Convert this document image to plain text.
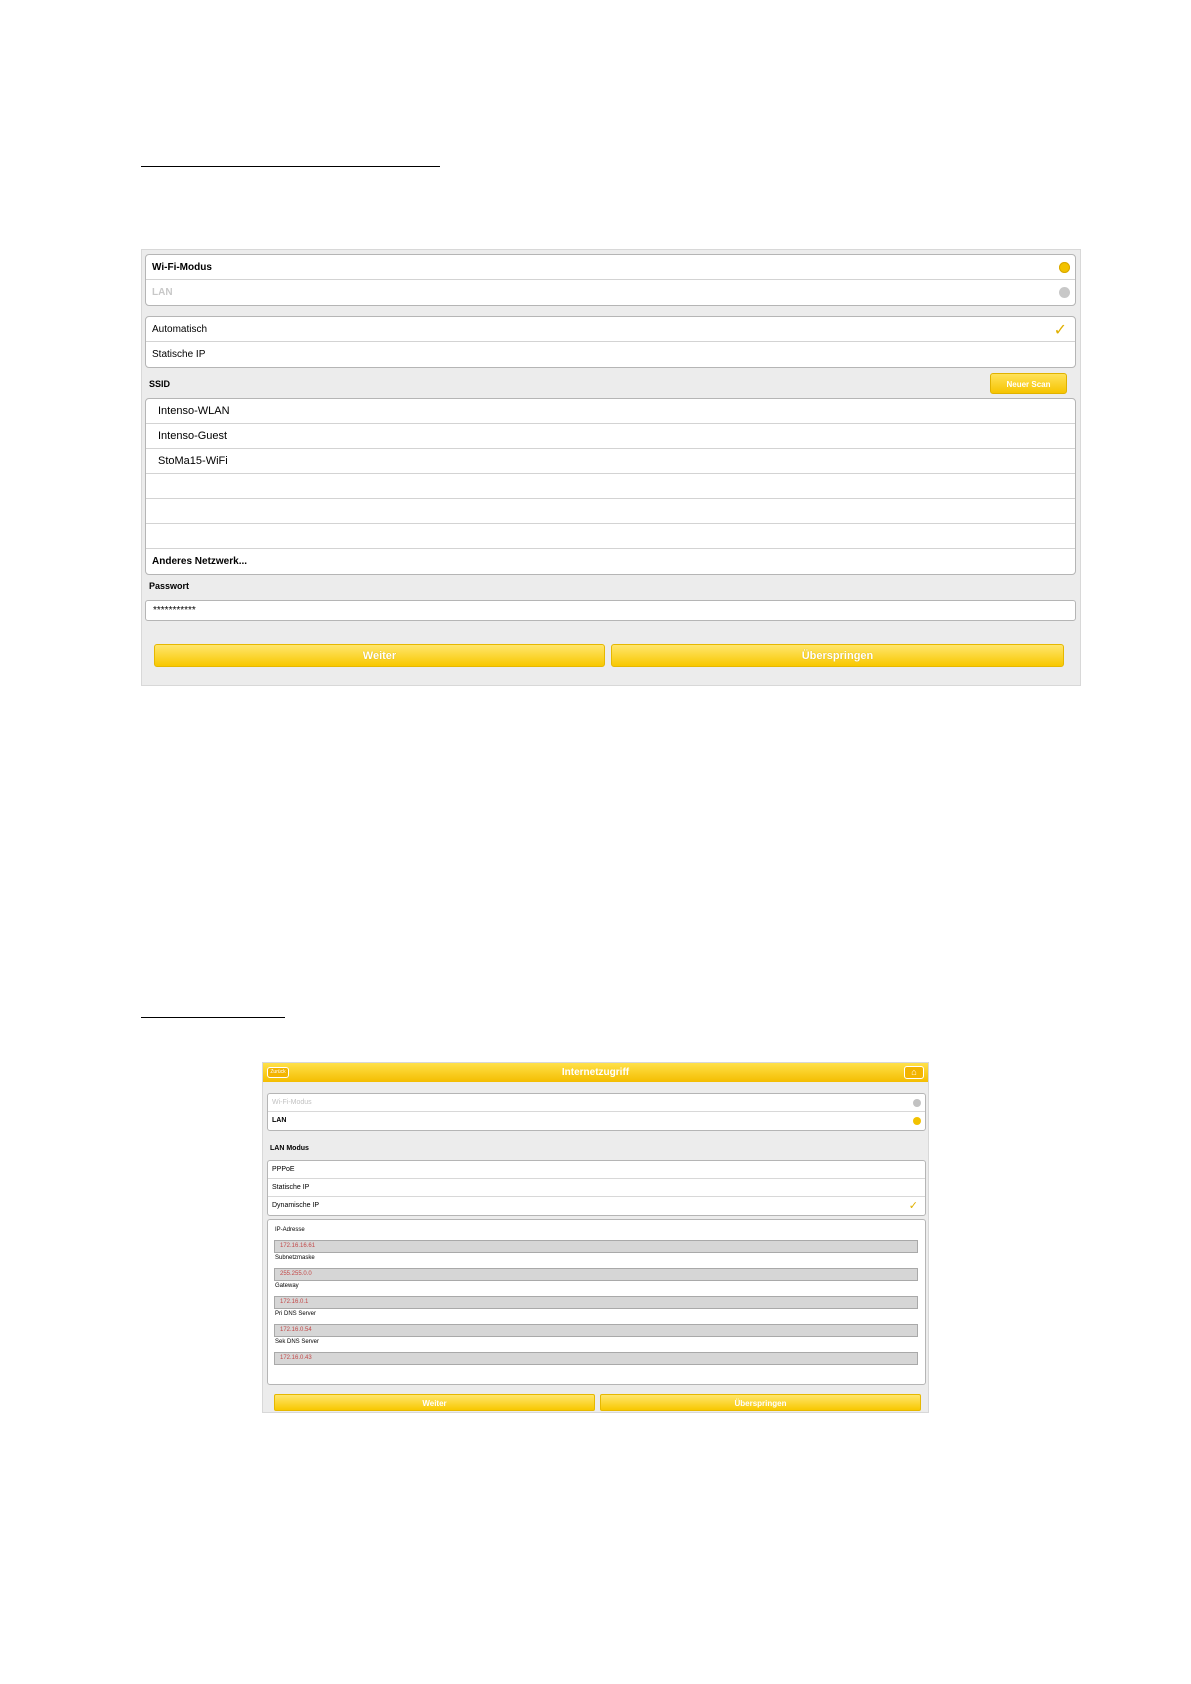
Wi-Fi-Modus
LAN
Automatisch	✓
Statische IP
SSID	Neuer Scan
Intenso-WLAN
Intenso-Guest
StoMa15-WiFi
Anderes Netzwerk...
Passwort
***********
Weiter	Überspringen
Zurück	Internetzugriff	⌂
Wi-Fi-Modus
LAN
LAN Modus
PPPoE
Statische IP
Dynamische IP	✓
IP-Adresse
172.16.16.61
Subnetzmaske
255.255.0.0
Gateway
172.16.0.1
Pri DNS Server
172.16.0.54
Sek DNS Server
172.16.0.43
Weiter	Überspringen
